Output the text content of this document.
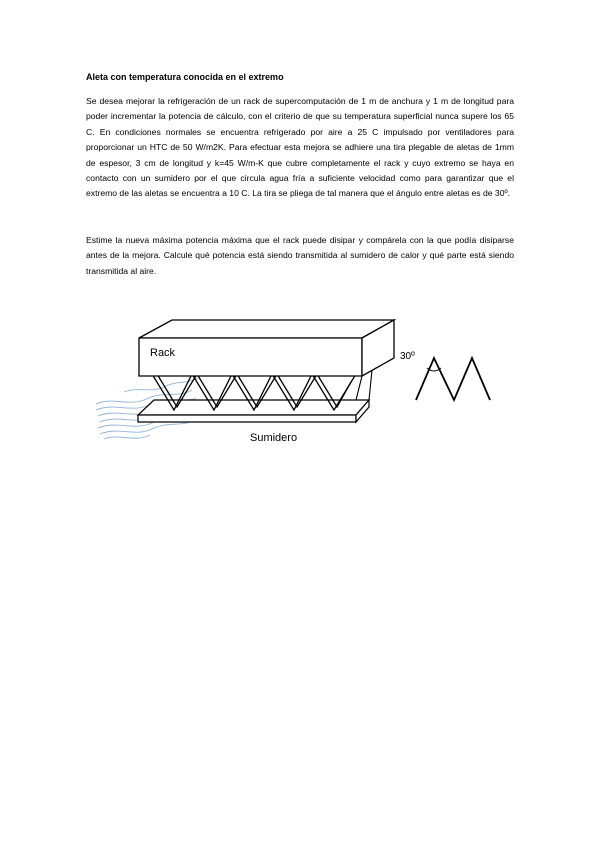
Aleta con temperatura conocida en el extremo
Se desea mejorar la refrigeración de un rack de supercomputación de 1 m de anchura y 1 m de longitud para poder incrementar la potencia de cálculo, con el criterio de que su temperatura superficial nunca supere los 65 C. En condiciones normales se encuentra refrigerado por aire a 25 C impulsado por ventiladores para proporcionar un HTC de 50 W/m2K. Para efectuar esta mejora se adhiere una tira plegable de aletas de 1mm de espesor, 3 cm de longitud y k=45 W/m-K que cubre completamente el rack y cuyo extremo se haya en contacto con un sumidero por el que circula agua fría a suficiente velocidad como para garantizar que el extremo de las aletas se encuentra a 10 C. La tira se pliega de tal manera que el ángulo entre aletas es de 30º.
Estime la nueva máxima potencia máxima que el rack puede disipar y compárela con la que podía disiparse antes de la mejora. Calcule qué potencia está siendo transmitida al sumidero de calor y qué parte está siendo transmitida al aire.
Rack
Sumidero
30º
